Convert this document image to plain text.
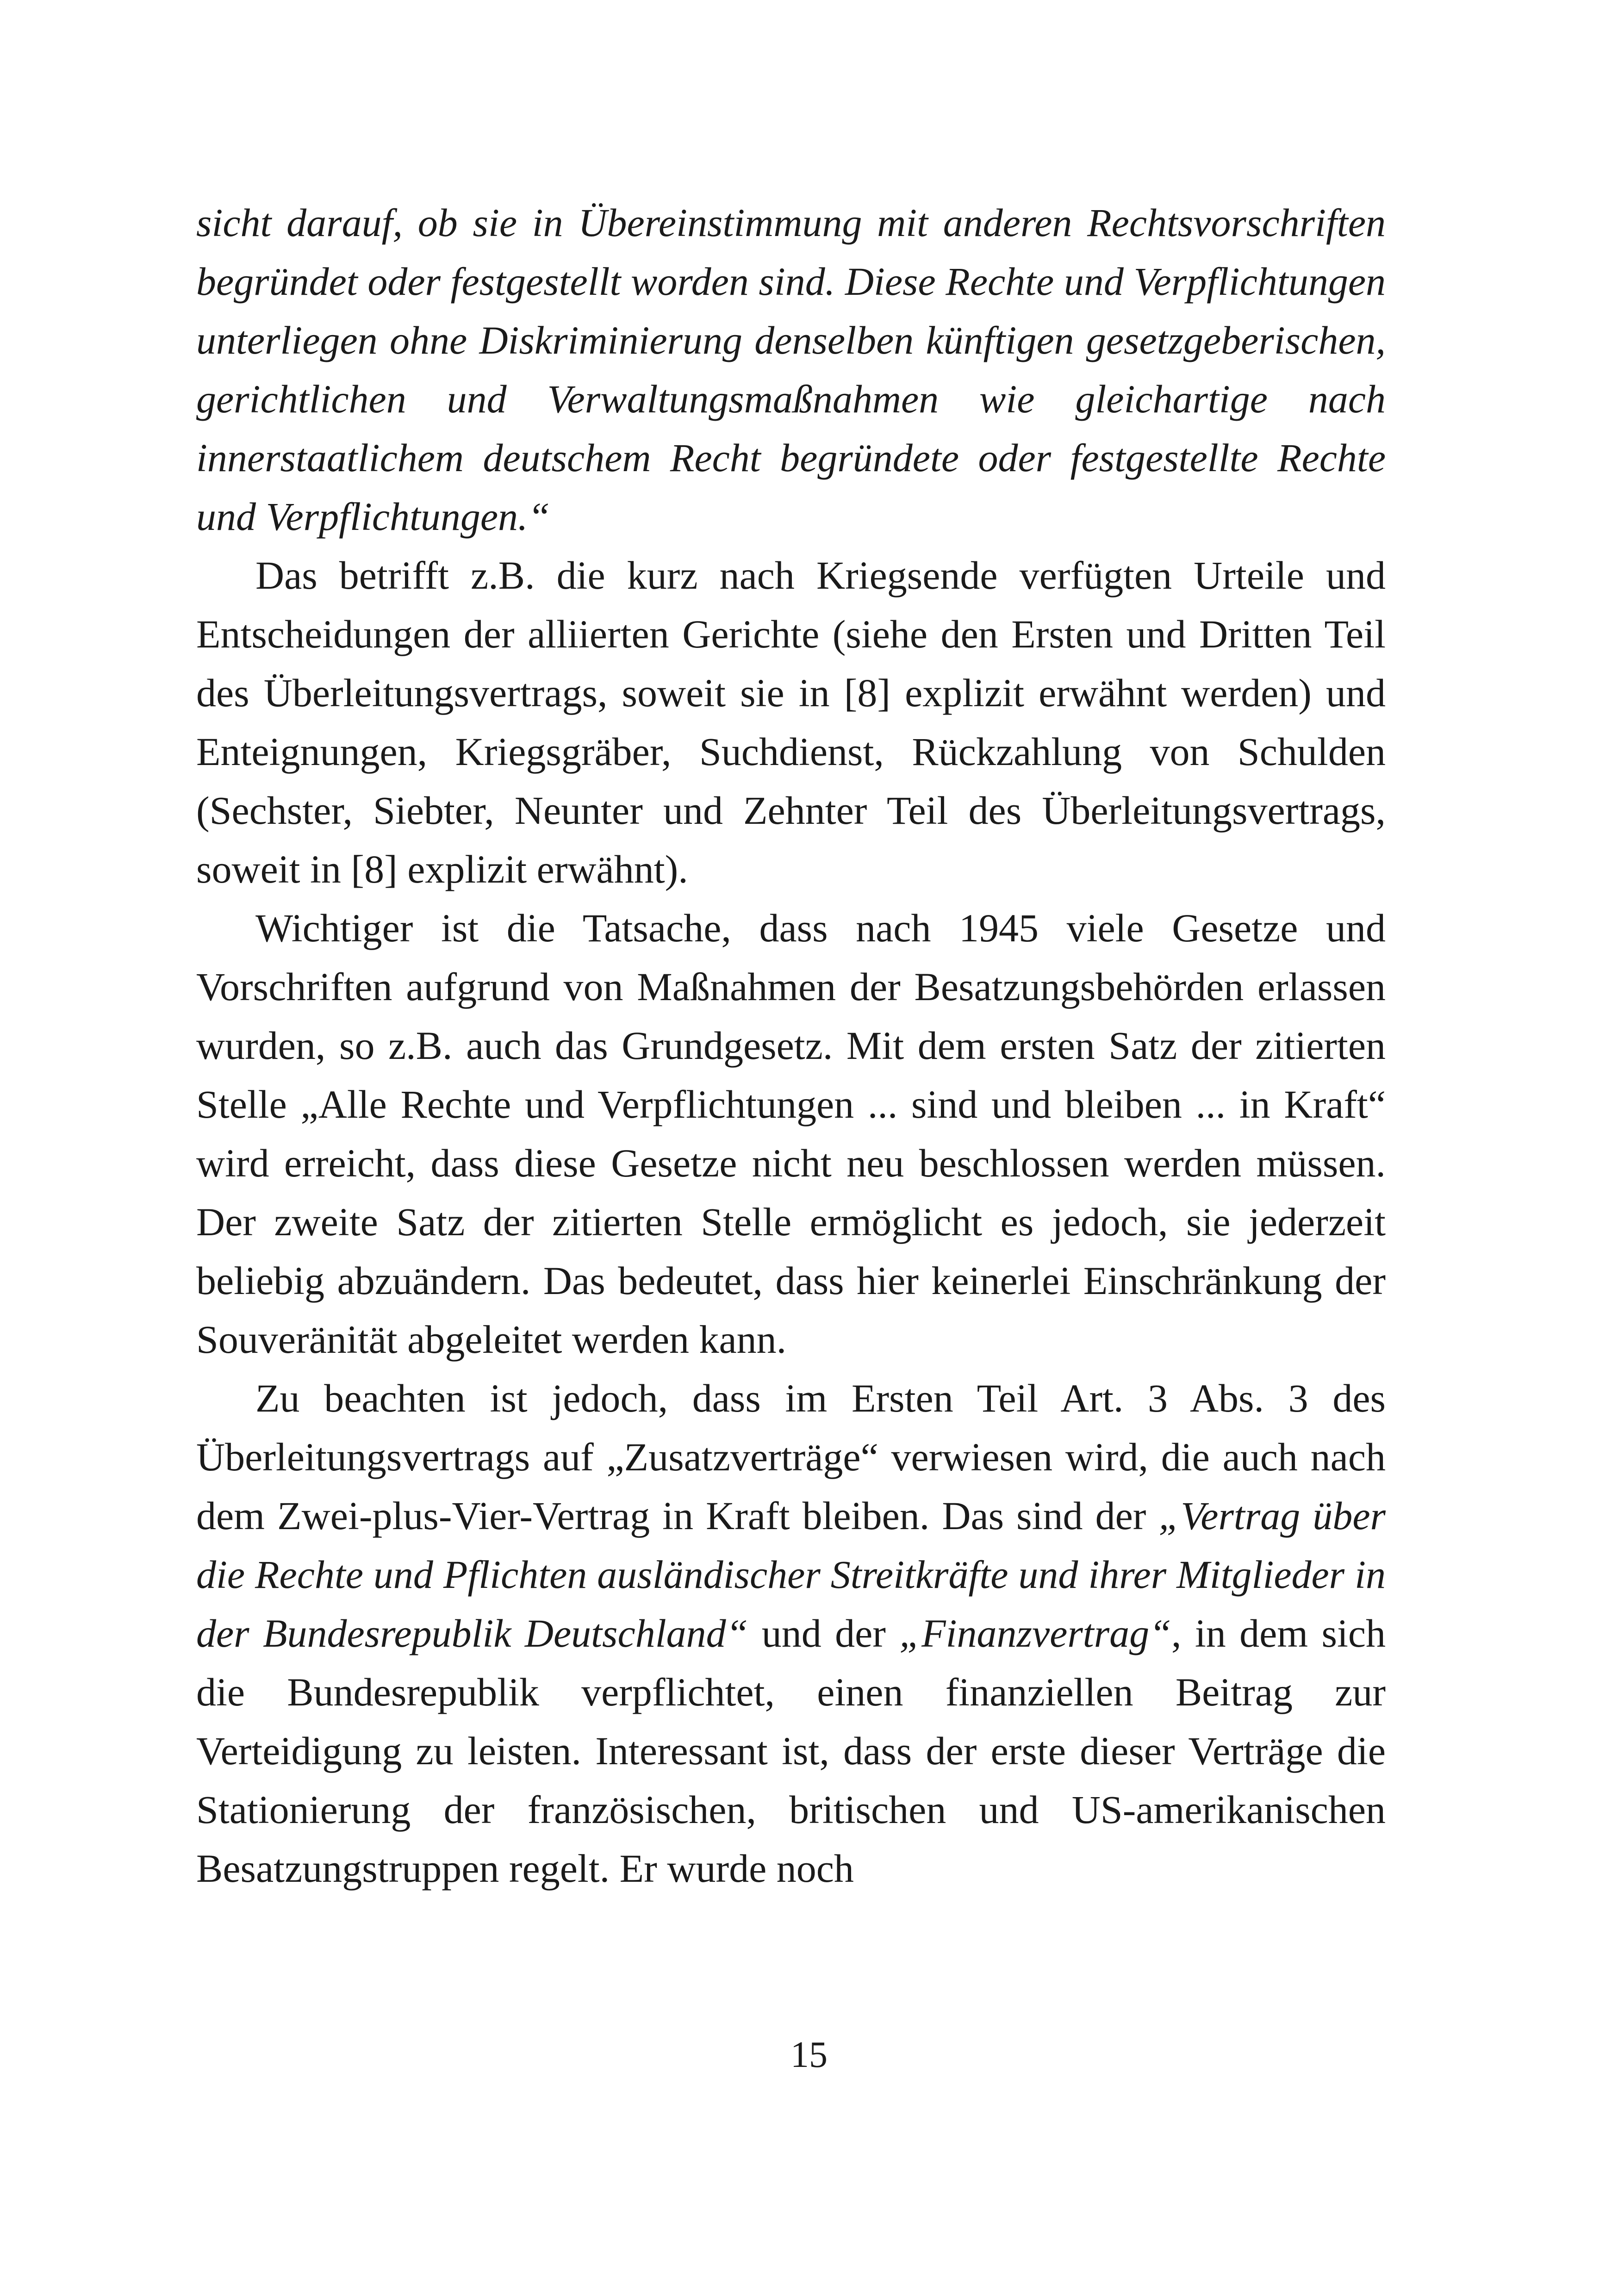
sicht darauf, ob sie in Übereinstimmung mit anderen Rechtsvorschriften begründet oder festgestellt worden sind. Diese Rechte und Verpflichtungen unterliegen ohne Diskriminierung denselben künftigen gesetzgeberischen, gerichtlichen und Verwaltungsmaßnahmen wie gleichartige nach innerstaatlichem deutschem Recht begründete oder festgestellte Rechte und Verpflichtungen.“

Das betrifft z.B. die kurz nach Kriegsende verfügten Urteile und Entscheidungen der alliierten Gerichte (siehe den Ersten und Dritten Teil des Überleitungsvertrags, soweit sie in [8] explizit erwähnt werden) und Enteignungen, Kriegsgräber, Suchdienst, Rückzahlung von Schulden (Sechster, Siebter, Neunter und Zehnter Teil des Überleitungsvertrags, soweit in [8] explizit erwähnt).

Wichtiger ist die Tatsache, dass nach 1945 viele Gesetze und Vorschriften aufgrund von Maßnahmen der Besatzungsbehörden erlassen wurden, so z.B. auch das Grundgesetz. Mit dem ersten Satz der zitierten Stelle „Alle Rechte und Verpflichtungen ... sind und bleiben ... in Kraft“ wird erreicht, dass diese Gesetze nicht neu beschlossen werden müssen. Der zweite Satz der zitierten Stelle ermöglicht es jedoch, sie jederzeit beliebig abzuändern. Das bedeutet, dass hier keinerlei Einschränkung der Souveränität abgeleitet werden kann.

Zu beachten ist jedoch, dass im Ersten Teil Art. 3 Abs. 3 des Überleitungsvertrags auf „Zusatzverträge“ verwiesen wird, die auch nach dem Zwei-plus-Vier-Vertrag in Kraft bleiben. Das sind der „Vertrag über die Rechte und Pflichten ausländischer Streitkräfte und ihrer Mitglieder in der Bundesrepublik Deutschland“ und der „Finanzvertrag“, in dem sich die Bundesrepublik verpflichtet, einen finanziellen Beitrag zur Verteidigung zu leisten. Interessant ist, dass der erste dieser Verträge die Stationierung der französischen, britischen und US-amerikanischen Besatzungstruppen regelt. Er wurde noch

15
